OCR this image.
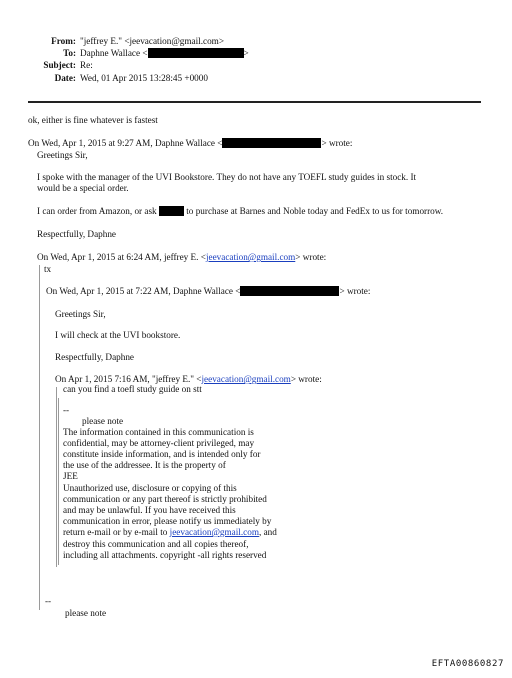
From: "jeffrey E." <jeevacation@gmail.com>
To: Daphne Wallace <	>
Subject: Re:
Date: Wed, 01 Apr 2015 13:28:45 +0000
ok, either is fine whatever is fastest
On Wed, Apr 1, 2015 at 9:27 AM, Daphne Wallace <	> wrote:
Greetings Sir,
I spoke with the manager of the UVI Bookstore. They do not have any TOEFL study guides in stock. It
would be a special order.
I can order from Amazon, or ask	to purchase at Barnes and Noble today and FedEx to us for tomorrow.
Respectfully, Daphne
On Wed, Apr 1, 2015 at 6:24 AM, jeffrey E. <jeevacation@gmail.com> wrote:
tx
On Wed, Apr 1, 2015 at 7:22 AM, Daphne Wallace <	> wrote:
Greetings Sir,
I will check at the UVI bookstore.
Respectfully, Daphne
On Apr 1, 2015 7:16 AM, "jeffrey E." <jeevacation@gmail.com> wrote:
can you find a toefl study guide on stt
--
please note
The information contained in this communication is
confidential, may be attorney-client privileged, may
constitute inside information, and is intended only for
the use of the addressee. It is the property of
JEE
Unauthorized use, disclosure or copying of this
communication or any part thereof is strictly prohibited
and may be unlawful. If you have received this
communication in error, please notify us immediately by
return e-mail or by e-mail to jeevacation@gmail.com, and
destroy this communication and all copies thereof,
including all attachments. copyright -all rights reserved
--
please note
EFTA00860827
